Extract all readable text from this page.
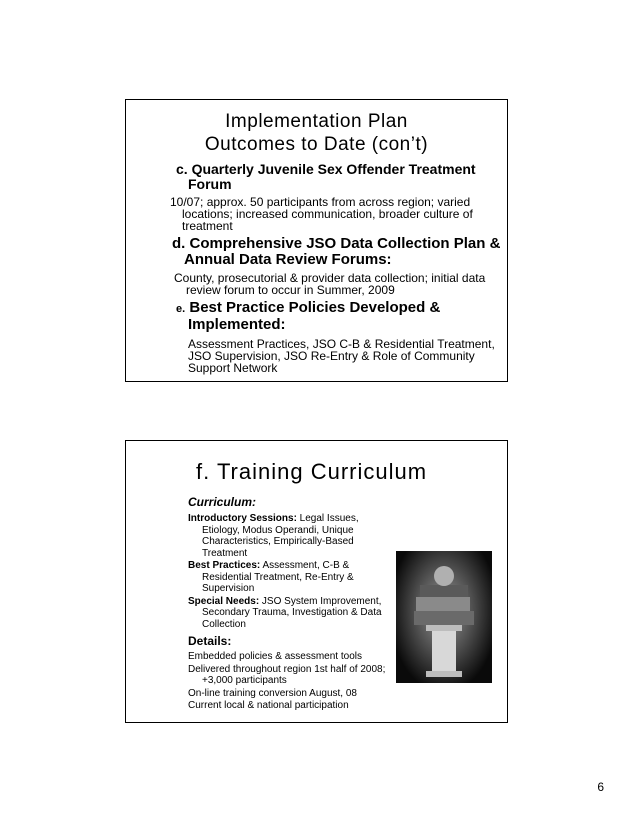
Implementation Plan
Outcomes to Date (con’t)
c. Quarterly Juvenile Sex Offender Treatment Forum
10/07; approx. 50 participants from across region; varied locations; increased communication, broader culture of treatment
d. Comprehensive JSO Data Collection Plan & Annual Data Review Forums:
County, prosecutorial & provider data collection; initial data review forum to occur in Summer, 2009
e. Best Practice Policies Developed & Implemented:
Assessment Practices, JSO C-B & Residential Treatment, JSO Supervision, JSO Re-Entry & Role of Community Support Network
f. Training Curriculum
Curriculum:
Introductory Sessions: Legal Issues, Etiology, Modus Operandi, Unique Characteristics, Empirically-Based Treatment
Best Practices: Assessment, C-B & Residential Treatment, Re-Entry & Supervision
Special Needs: JSO System Improvement, Secondary Trauma, Investigation & Data Collection
Details:
Embedded policies & assessment tools
Delivered throughout region 1st half of 2008; +3,000 participants
On-line training conversion August, 08
Current local & national participation
6
